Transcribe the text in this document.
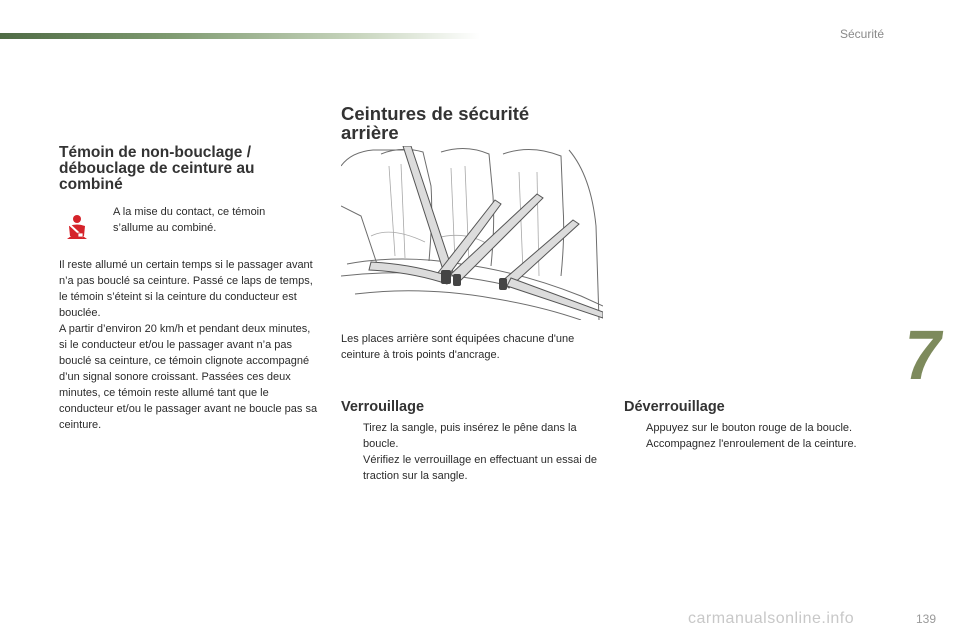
Sécurité
Témoin de non-bouclage / débouclage de ceinture au combiné

A la mise du contact, ce témoin s’allume au combiné.

Il reste allumé un certain temps si le passager avant n’a pas bouclé sa ceinture. Passé ce laps de temps, le témoin s’éteint si la ceinture du conducteur est bouclée.

A partir d’environ 20 km/h et pendant deux minutes, si le conducteur et/ou le passager avant n’a pas bouclé sa ceinture, ce témoin clignote accompagné d’un signal sonore croissant. Passées ces deux minutes, ce témoin reste allumé tant que le conducteur et/ou le passager avant ne boucle pas sa ceinture.

Ceintures de sécurité arrière

Les places arrière sont équipées chacune d'une ceinture à trois points d'ancrage.

Verrouillage
Tirez la sangle, puis insérez le pêne dans la boucle.
Vérifiez le verrouillage en effectuant un essai de traction sur la sangle.
Déverrouillage
Appuyez sur le bouton rouge de la boucle.
Accompagnez l'enroulement de la ceinture.
7
139
carmanualsonline.info
